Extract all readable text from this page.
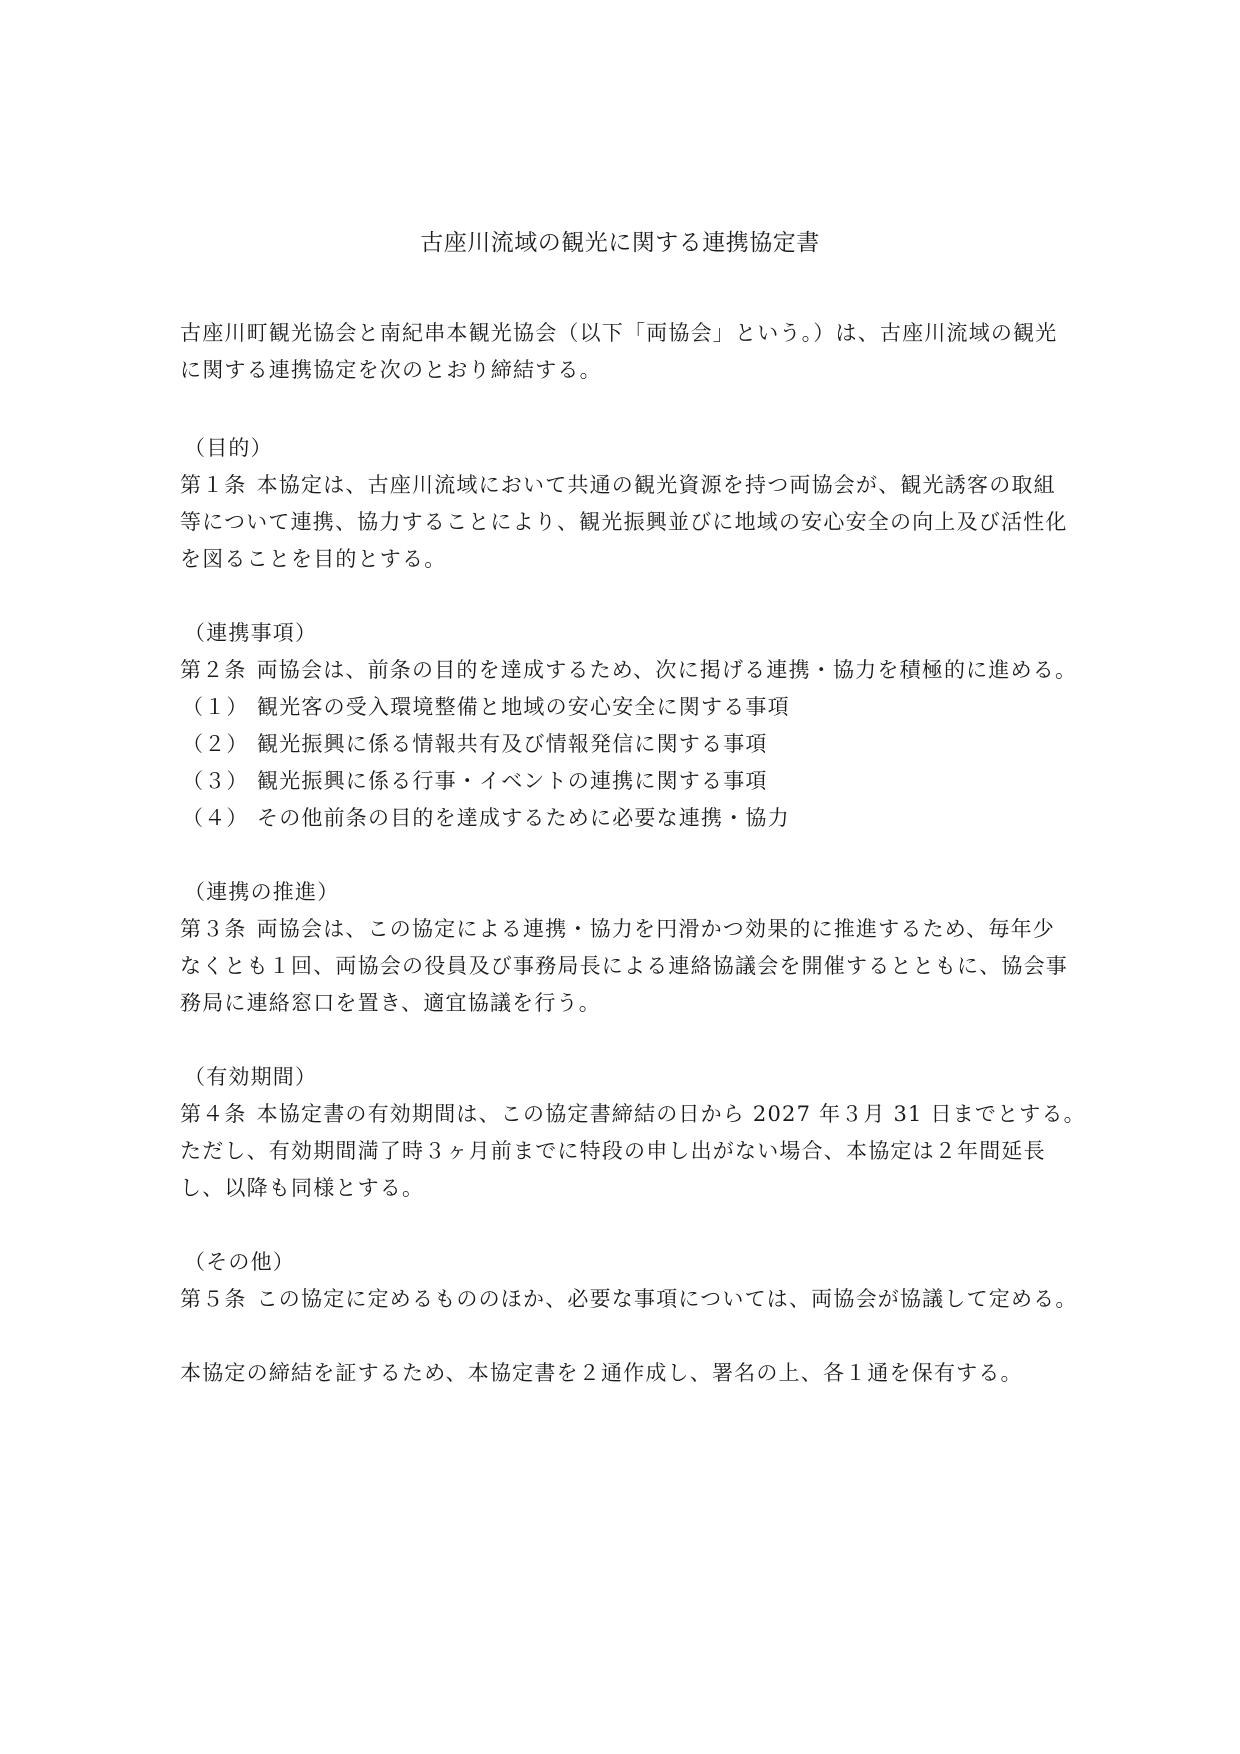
古座川流域の観光に関する連携協定書
古座川町観光協会と南紀串本観光協会（以下「両協会」という。）は、古座川流域の観光
に関する連携協定を次のとおり締結する。
（目的）
第１条 本協定は、古座川流域において共通の観光資源を持つ両協会が、観光誘客の取組
等について連携、協力することにより、観光振興並びに地域の安心安全の向上及び活性化
を図ることを目的とする。
（連携事項）
第２条 両協会は、前条の目的を達成するため、次に掲げる連携・協力を積極的に進める。
（１） 観光客の受入環境整備と地域の安心安全に関する事項
（２） 観光振興に係る情報共有及び情報発信に関する事項
（３） 観光振興に係る行事・イベントの連携に関する事項
（４） その他前条の目的を達成するために必要な連携・協力
（連携の推進）
第３条 両協会は、この協定による連携・協力を円滑かつ効果的に推進するため、毎年少
なくとも１回、両協会の役員及び事務局長による連絡協議会を開催するとともに、協会事
務局に連絡窓口を置き、適宜協議を行う。
（有効期間）
第４条 本協定書の有効期間は、この協定書締結の日から 2027 年３月 31 日までとする。
ただし、有効期間満了時３ヶ月前までに特段の申し出がない場合、本協定は２年間延長
し、以降も同様とする。
（その他）
第５条 この協定に定めるもののほか、必要な事項については、両協会が協議して定める。
本協定の締結を証するため、本協定書を２通作成し、署名の上、各１通を保有する。
